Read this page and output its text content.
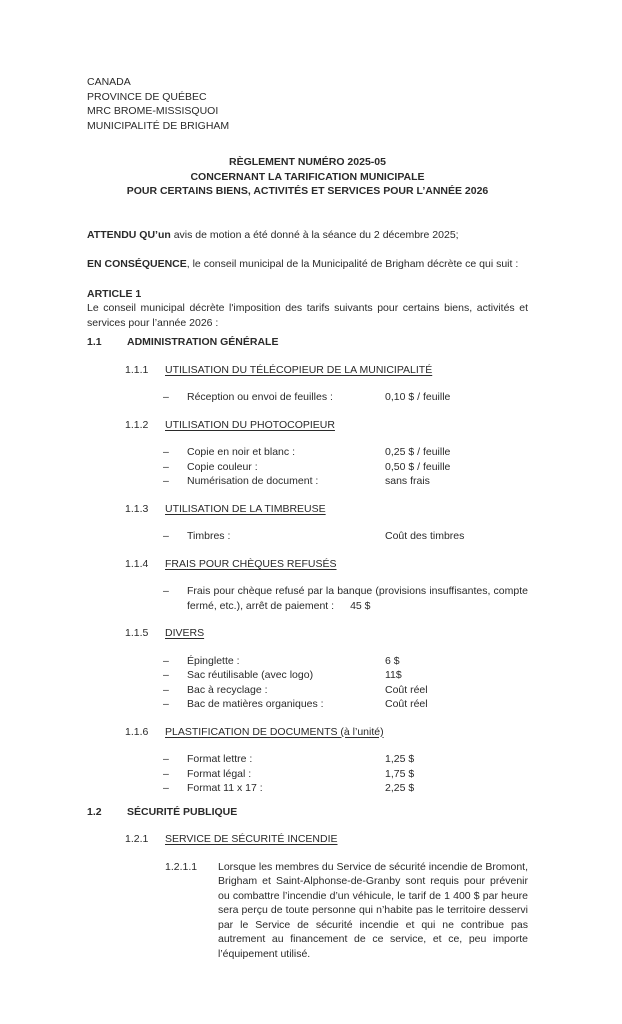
CANADA
PROVINCE DE QUÉBEC
MRC BROME-MISSISQUOI
MUNICIPALITÉ DE BRIGHAM
RÈGLEMENT NUMÉRO 2025-05
CONCERNANT LA TARIFICATION MUNICIPALE
POUR CERTAINS BIENS, ACTIVITÉS ET SERVICES POUR L’ANNÉE 2026

ATTENDU QU’un avis de motion a été donné à la séance du 2 décembre 2025;

EN CONSÉQUENCE, le conseil municipal de la Municipalité de Brigham décrète ce qui suit :

ARTICLE 1
Le conseil municipal décrète l'imposition des tarifs suivants pour certains biens, activités et services pour l’année 2026 :
1.1	ADMINISTRATION GÉNÉRALE
1.1.1	UTILISATION DU TÉLÉCOPIEUR DE LA MUNICIPALITÉ
–
Réception ou envoi de feuilles :	0,10 $ / feuille
1.1.2	UTILISATION DU PHOTOCOPIEUR
–
Copie en noir et blanc :	0,25 $ / feuille
–
Copie couleur :	0,50 $ / feuille
–
Numérisation de document :	sans frais
1.1.3	UTILISATION DE LA TIMBREUSE
–
Timbres :	Coût des timbres
1.1.4	FRAIS POUR CHÈQUES REFUSÉS
–
Frais pour chèque refusé par la banque (provisions insuffisantes, compte fermé, etc.), arrêt de paiement : 45 $
1.1.5	DIVERS
–
Épinglette :	6 $
–
Sac réutilisable (avec logo)	11$
–
Bac à recyclage :	Coût réel
–
Bac de matières organiques :	Coût réel
1.1.6	PLASTIFICATION DE DOCUMENTS (à l’unité)
–
Format lettre :	1,25 $
–
Format légal :	1,75 $
–
Format 11 x 17 :	2,25 $
1.2	SÉCURITÉ PUBLIQUE
1.2.1	SERVICE DE SÉCURITÉ INCENDIE
1.2.1.1	Lorsque les membres du Service de sécurité incendie de Bromont, Brigham et Saint-Alphonse-de-Granby sont requis pour prévenir ou combattre l’incendie d’un véhicule, le tarif de 1 400 $ par heure sera perçu de toute personne qui n’habite pas le territoire desservi par le Service de sécurité incendie et qui ne contribue pas autrement au financement de ce service, et ce, peu importe l’équipement utilisé.
